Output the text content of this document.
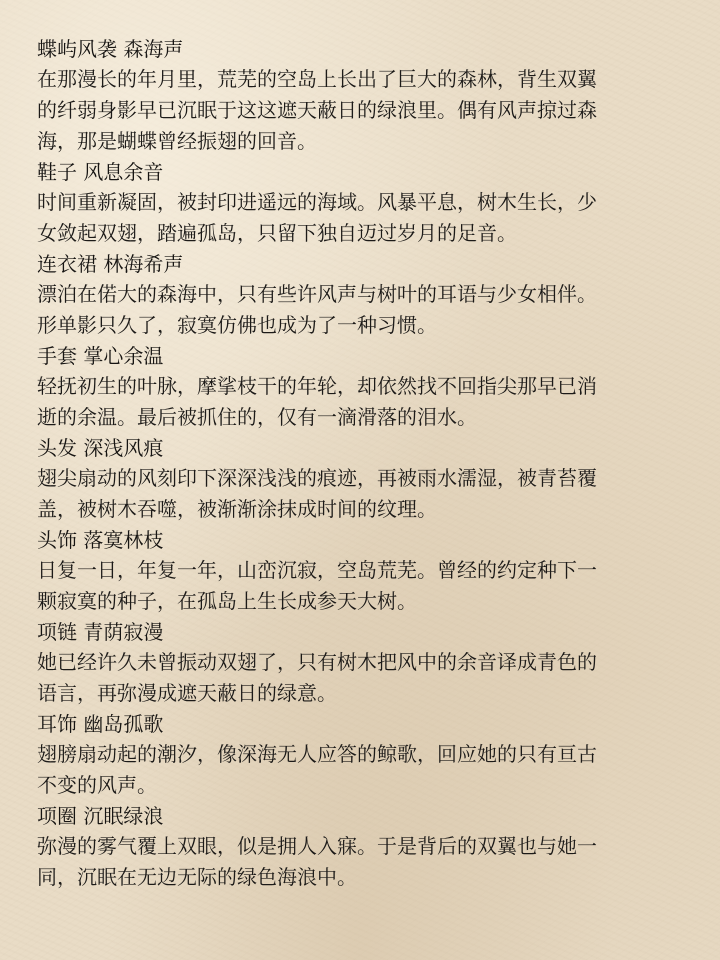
蝶屿风袭 森海声

在那漫长的年月里，荒芜的空岛上长出了巨大的森林，背生双翼
的纤弱身影早已沉眠于这这遮天蔽日的绿浪里。偶有风声掠过森
海，那是蝴蝶曾经振翅的回音。

鞋子 风息余音

时间重新凝固，被封印进遥远的海域。风暴平息，树木生长，少
女敛起双翅，踏遍孤岛，只留下独自迈过岁月的足音。

连衣裙 林海希声

漂泊在偌大的森海中，只有些许风声与树叶的耳语与少女相伴。
形单影只久了，寂寞仿佛也成为了一种习惯。

手套 掌心余温

轻抚初生的叶脉，摩挲枝干的年轮，却依然找不回指尖那早已消
逝的余温。最后被抓住的，仅有一滴滑落的泪水。

头发 深浅风痕

翅尖扇动的风刻印下深深浅浅的痕迹，再被雨水濡湿，被青苔覆
盖，被树木吞噬，被渐渐涂抹成时间的纹理。

头饰 落寞林枝

日复一日，年复一年，山峦沉寂，空岛荒芜。曾经的约定种下一
颗寂寞的种子，在孤岛上生长成参天大树。

项链 青荫寂漫

她已经许久未曾振动双翅了，只有树木把风中的余音译成青色的
语言，再弥漫成遮天蔽日的绿意。

耳饰 幽岛孤歌

翅膀扇动起的潮汐，像深海无人应答的鲸歌，回应她的只有亘古
不变的风声。

项圈 沉眠绿浪

弥漫的雾气覆上双眼，似是拥人入寐。于是背后的双翼也与她一
同，沉眠在无边无际的绿色海浪中。
